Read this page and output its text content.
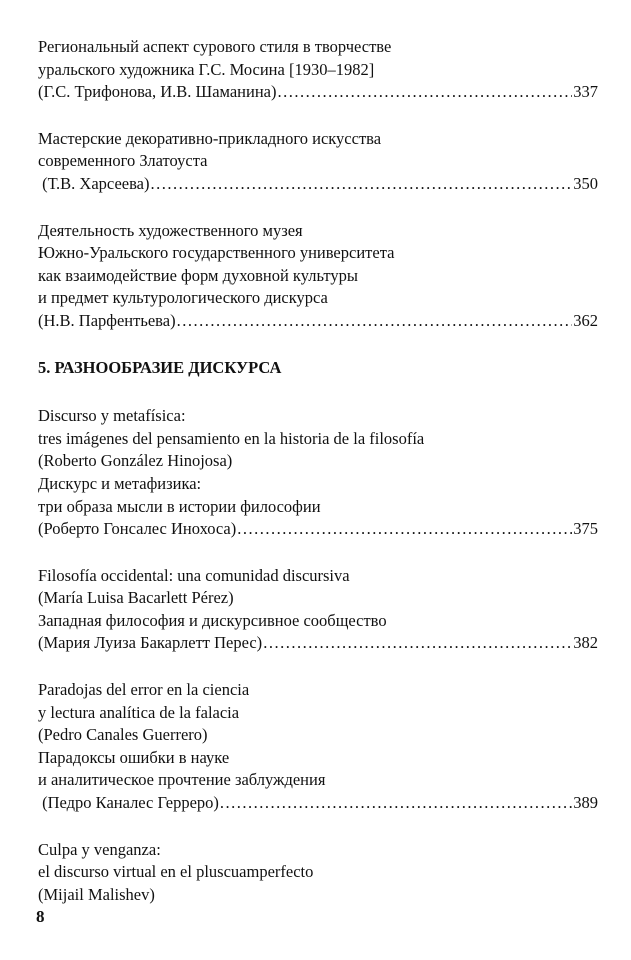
Региональный аспект сурового стиля в творчестве
уральского художника Г.С. Мосина [1930–1982]
(Г.С. Трифонова, И.В. Шаманина) .....	337
Мастерские декоративно-прикладного искусства
современного Златоуста
(Т.В. Харсеева) .....	350
Деятельность художественного музея
Южно-Уральского государственного университета
как взаимодействие форм духовной культуры
и предмет культурологического дискурса
(Н.В. Парфентьева) .....	362
5. РАЗНООБРАЗИЕ ДИСКУРСА
Discurso y metafísica:
tres imágenes del pensamiento en la historia de la filosofía
(Roberto González Hinojosa)
Дискурс и метафизика:
три образа мысли в истории философии
(Роберто Гонсалес Инохоса) .....	375
Filosofía occidental: una comunidad discursiva
(María Luisa Bacarlett Pérez)
Западная философия и дискурсивное сообщество
(Мария Луиза Бакарлетт Перес) .....	382
Paradojas del error en la ciencia
y lectura analítica de la falacia
(Pedro Canales Guerrero)
Парадоксы ошибки в науке
и аналитическое прочтение заблуждения
(Педро Каналес Герреро) .....	389
Culpa y venganza:
el discurso virtual en el pluscuamperfecto
(Mijail Malishev)
8
